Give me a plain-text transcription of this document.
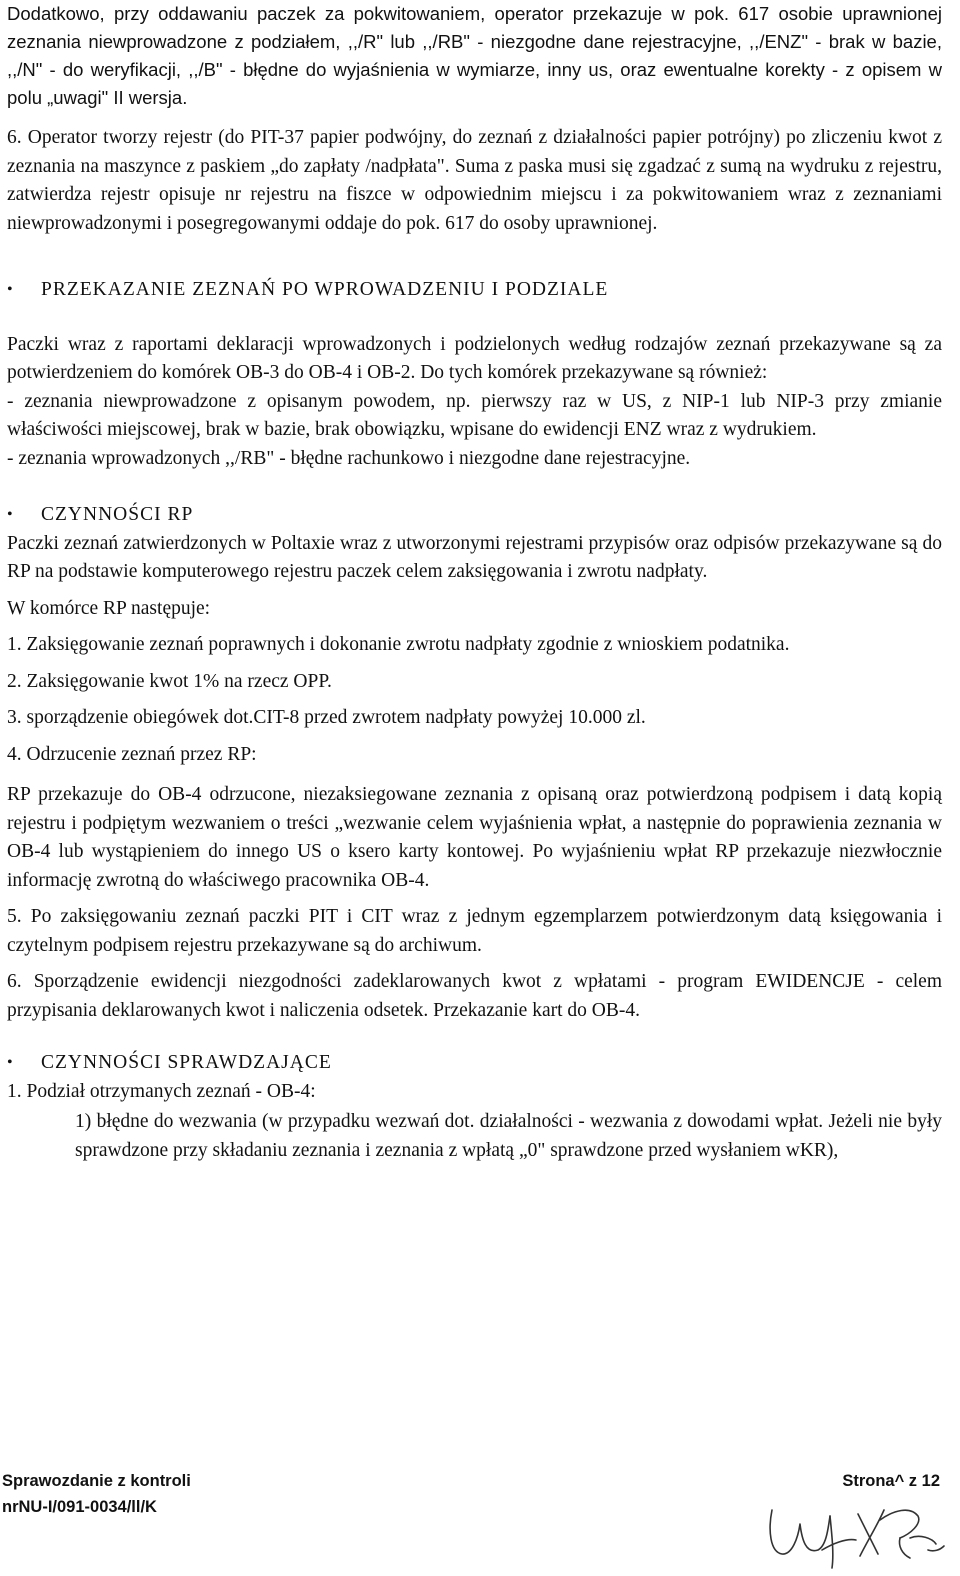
Dodatkowo, przy oddawaniu paczek za pokwitowaniem, operator przekazuje w pok. 617 osobie uprawnionej zeznania niewprowadzone z podziałem, ,,/R" lub ,,/RB" - niezgodne dane rejestracyjne, ,,/ENZ" - brak w bazie, ,,/N" - do weryfikacji, ,,/B" - błędne do wyjaśnienia w wymiarze, inny us, oraz ewentualne korekty - z opisem w polu „uwagi" II wersja.

6. Operator tworzy rejestr (do PIT-37 papier podwójny, do zeznań z działalności papier potrójny) po zliczeniu kwot z zeznania na maszynce z paskiem „do zapłaty /nadpłata". Suma z paska musi się zgadzać z sumą na wydruku z rejestru, zatwierdza rejestr opisuje nr rejestru na fiszce w odpowiednim miejscu i za pokwitowaniem wraz z zeznaniami niewprowadzonymi i posegregowanymi oddaje do pok. 617 do osoby uprawnionej.

•	PRZEKAZANIE ZEZNAŃ PO WPROWADZENIU I PODZIALE

Paczki wraz z raportami deklaracji wprowadzonych i podzielonych według rodzajów zeznań przekazywane są za potwierdzeniem do komórek OB-3 do OB-4 i OB-2. Do tych komórek przekazywane są również:

- zeznania niewprowadzone z opisanym powodem, np. pierwszy raz w US, z NIP-1 lub NIP-3 przy zmianie właściwości miejscowej, brak w bazie, brak obowiązku, wpisane do ewidencji ENZ wraz z wydrukiem.

- zeznania wprowadzonych ,,/RB" - błędne rachunkowo i niezgodne dane rejestracyjne.

•	CZYNNOŚCI RP

Paczki zeznań zatwierdzonych w Poltaxie wraz z utworzonymi rejestrami przypisów oraz odpisów przekazywane są do RP na podstawie komputerowego rejestru paczek celem zaksięgowania i zwrotu nadpłaty.

W komórce RP następuje:

1. Zaksięgowanie zeznań poprawnych i dokonanie zwrotu nadpłaty zgodnie z wnioskiem podatnika.

2. Zaksięgowanie kwot 1% na rzecz OPP.

3. sporządzenie obiegówek dot.CIT-8 przed zwrotem nadpłaty powyżej 10.000 zl.

4. Odrzucenie zeznań przez RP:

RP przekazuje do OB-4 odrzucone, niezaksiegowane zeznania z opisaną oraz potwierdzoną podpisem i datą kopią rejestru i podpiętym wezwaniem o treści „wezwanie celem wyjaśnienia wpłat, a następnie do poprawienia zeznania w OB-4 lub wystąpieniem do innego US o ksero karty kontowej. Po wyjaśnieniu wpłat RP przekazuje niezwłocznie informację zwrotną do właściwego pracownika OB-4.

5. Po zaksięgowaniu zeznań paczki PIT i CIT wraz z jednym egzemplarzem potwierdzonym datą księgowania i czytelnym podpisem rejestru przekazywane są do archiwum.

6. Sporządzenie ewidencji niezgodności zadeklarowanych kwot z wpłatami - program EWIDENCJE - celem przypisania deklarowanych kwot i naliczenia odsetek. Przekazanie kart do OB-4.

•	CZYNNOŚCI SPRAWDZAJĄCE

1. Podział otrzymanych zeznań - OB-4:

1) błędne do wezwania (w przypadku wezwań dot. działalności - wezwania z dowodami wpłat. Jeżeli nie były sprawdzone przy składaniu zeznania i zeznania z wpłatą „0" sprawdzone przed wysłaniem wKR),

Sprawozdanie z kontroli
nrNU-I/091-0034/ll/K
Strona^ z 12
